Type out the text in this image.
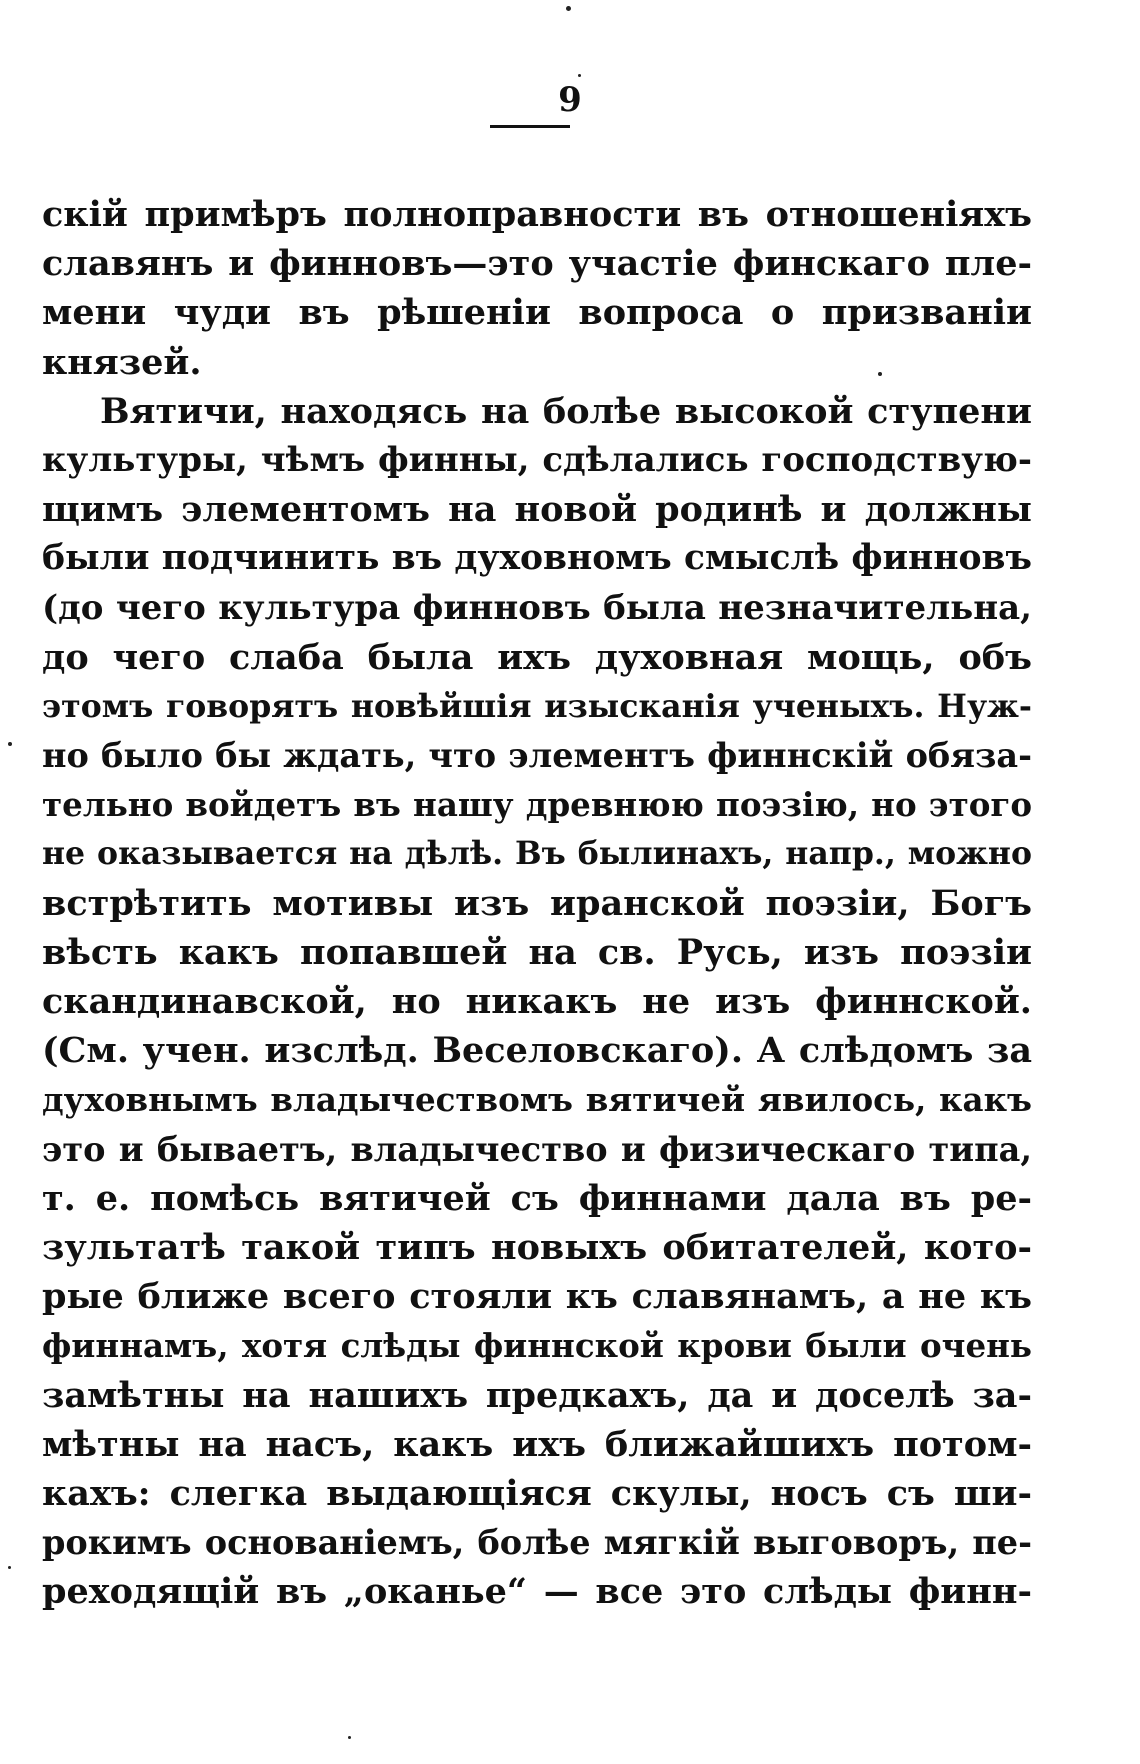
9
скій примѣръ полноправности въ отношеніяхъ
славянъ и финновъ—это участіе финскаго пле-
мени чуди въ рѣшеніи вопроса о призваніи
князей.
Вятичи, находясь на болѣе высокой ступени
культуры, чѣмъ финны, сдѣлались господствую-
щимъ элементомъ на новой родинѣ и должны
были подчинить въ духовномъ смыслѣ финновъ
(до чего культура финновъ была незначительна,
до чего слаба была ихъ духовная мощь, объ
этомъ говорятъ новѣйшія изысканія ученыхъ. Нуж-
но было бы ждать, что элементъ финнскій обяза-
тельно войдетъ въ нашу древнюю поэзію, но этого
не оказывается на дѣлѣ. Въ былинахъ, напр., можно
встрѣтить мотивы изъ иранской поэзіи, Богъ
вѣсть какъ попавшей на св. Русь, изъ поэзіи
скандинавской, но никакъ не изъ финнской.
(См. учен. изслѣд. Веселовскаго). А слѣдомъ за
духовнымъ владычествомъ вятичей явилось, какъ
это и бываетъ, владычество и физическаго типа,
т. е. помѣсь вятичей съ финнами дала въ ре-
зультатѣ такой типъ новыхъ обитателей, кото-
рые ближе всего стояли къ славянамъ, а не къ
финнамъ, хотя слѣды финнской крови были очень
замѣтны на нашихъ предкахъ, да и доселѣ за-
мѣтны на насъ, какъ ихъ ближайшихъ потом-
кахъ: слегка выдающіяся скулы, носъ съ ши-
рокимъ основаніемъ, болѣе мягкій выговоръ, пе-
реходящій въ „оканье“ — все это слѣды финн-
